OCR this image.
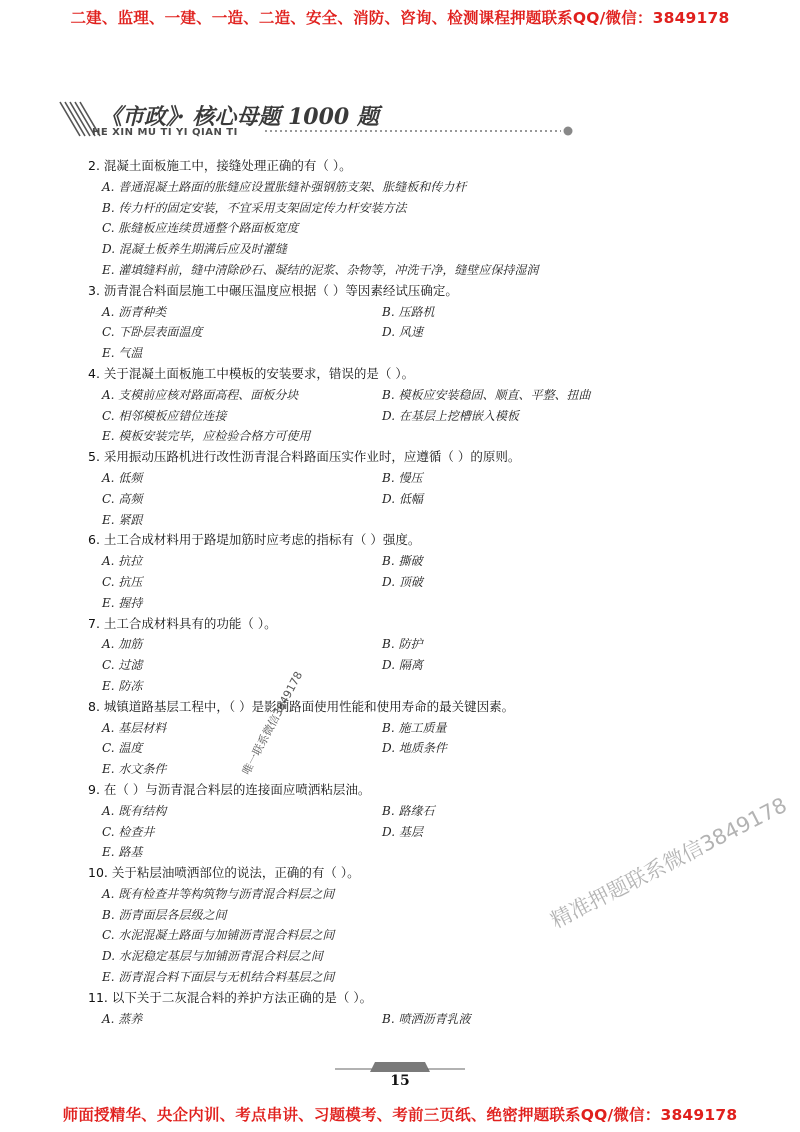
二建、监理、一建、一造、二造、安全、消防、咨询、检测课程押题联系QQ/微信：3849178
《市政》· 核心母题 1000 题
HE XIN MU TI YI QIAN TI
2. 混凝土面板施工中，接缝处理正确的有（ ）。
A. 普通混凝土路面的胀缝应设置胀缝补强钢筋支架、胀缝板和传力杆
B. 传力杆的固定安装，不宜采用支架固定传力杆安装方法
C. 胀缝板应连续贯通整个路面板宽度
D. 混凝土板养生期满后应及时灌缝
E. 灌填缝料前，缝中清除砂石、凝结的泥浆、杂物等，冲洗干净，缝壁应保持湿润
3. 沥青混合料面层施工中碾压温度应根据（ ）等因素经试压确定。
A. 沥青种类	B. 压路机
C. 下卧层表面温度	D. 风速
E. 气温
4. 关于混凝土面板施工中模板的安装要求，错误的是（ ）。
A. 支模前应核对路面高程、面板分块	B. 模板应安装稳固、顺直、平整、扭曲
C. 相邻模板应错位连接	D. 在基层上挖槽嵌入模板
E. 模板安装完毕，应检验合格方可使用
5. 采用振动压路机进行改性沥青混合料路面压实作业时，应遵循（ ）的原则。
A. 低频	B. 慢压
C. 高频	D. 低幅
E. 紧跟
6. 土工合成材料用于路堤加筋时应考虑的指标有（ ）强度。
A. 抗拉	B. 撕破
C. 抗压	D. 顶破
E. 握持
7. 土工合成材料具有的功能（ ）。
A. 加筋	B. 防护
C. 过滤	D. 隔离
E. 防冻
8. 城镇道路基层工程中，（ ）是影响路面使用性能和使用寿命的最关键因素。
A. 基层材料	B. 施工质量
C. 温度	D. 地质条件
E. 水文条件
9. 在（ ）与沥青混合料层的连接面应喷洒粘层油。
A. 既有结构	B. 路缘石
C. 检查井	D. 基层
E. 路基
10. 关于粘层油喷洒部位的说法，正确的有（ ）。
A. 既有检查井等构筑物与沥青混合料层之间
B. 沥青面层各层级之间
C. 水泥混凝土路面与加铺沥青混合料层之间
D. 水泥稳定基层与加铺沥青混合料层之间
E. 沥青混合料下面层与无机结合料基层之间
11. 以下关于二灰混合料的养护方法正确的是（ ）。
A. 蒸养	B. 喷洒沥青乳液
唯一联系微信3849178
精准押题联系微信3849178
15
师面授精华、央企内训、考点串讲、习题模考、考前三页纸、绝密押题联系QQ/微信：3849178
